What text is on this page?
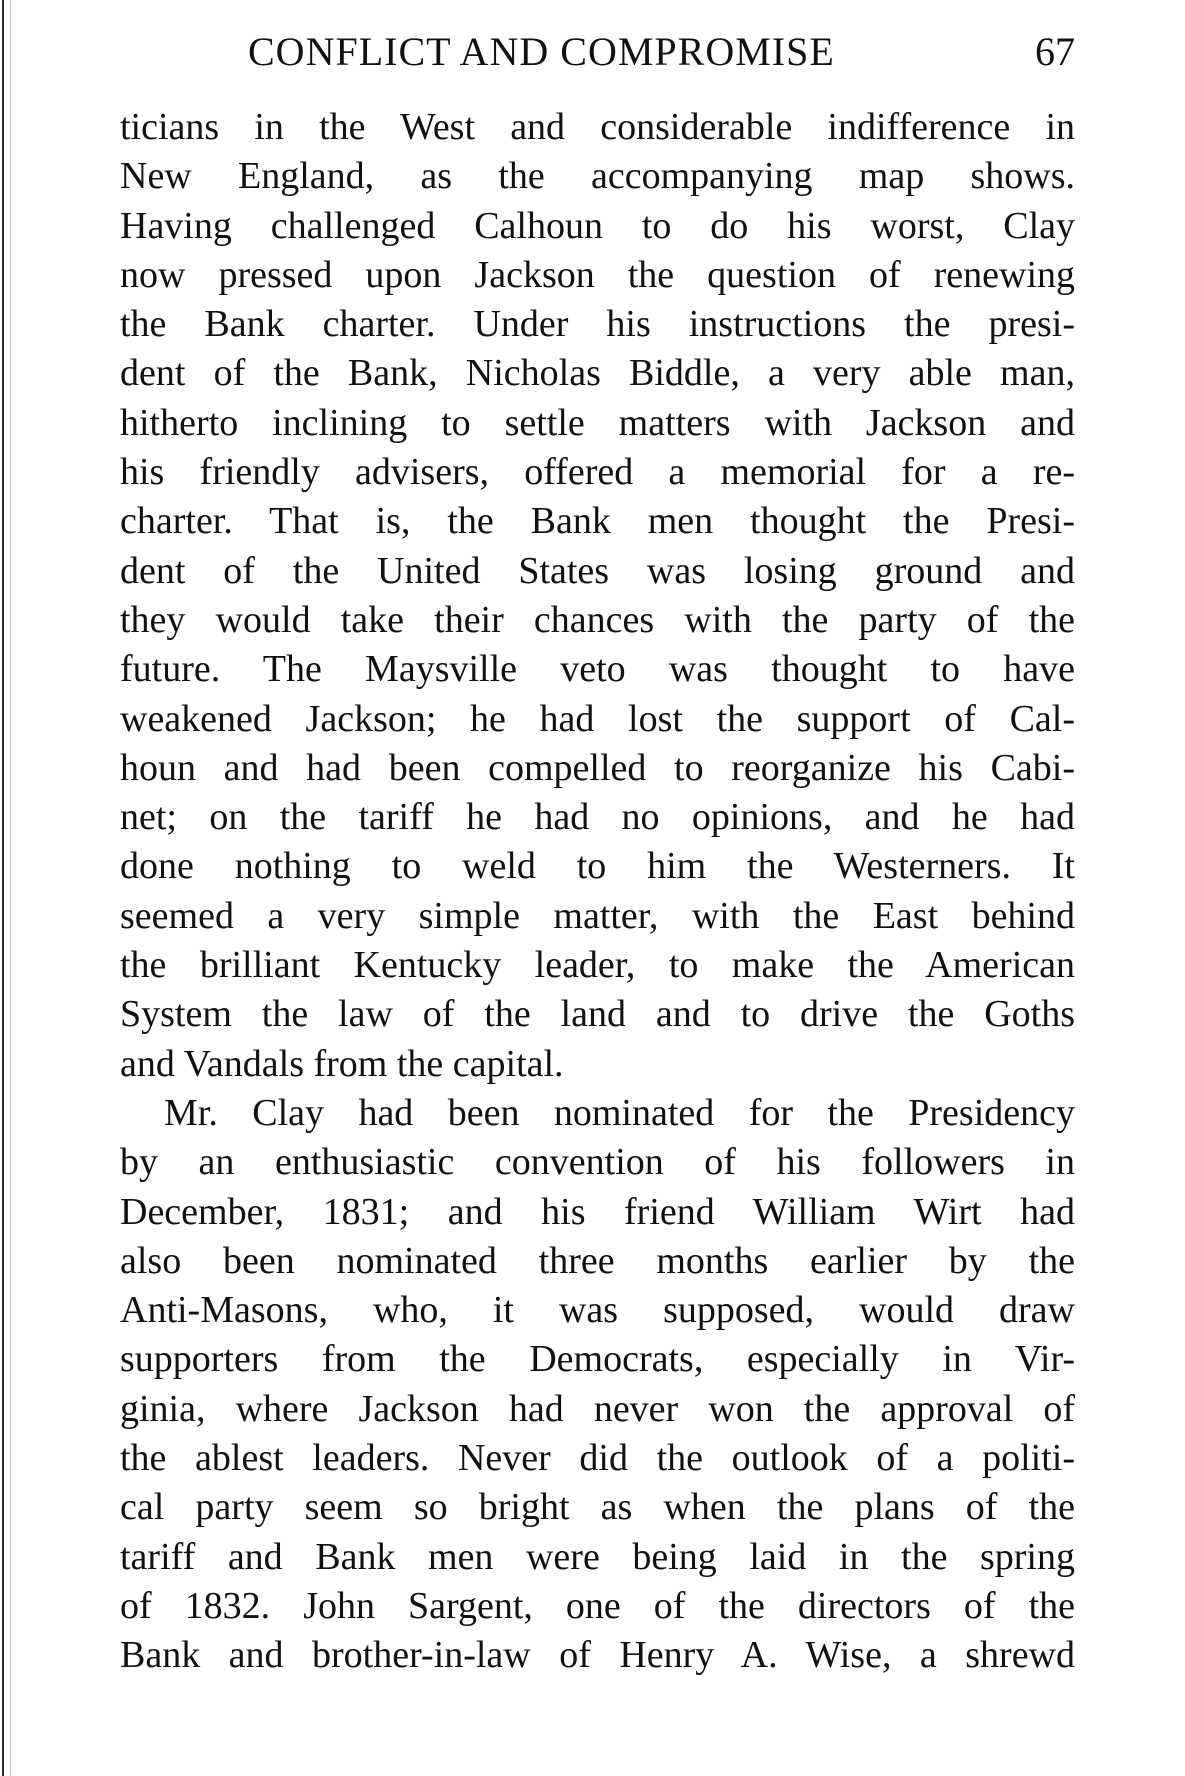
CONFLICT AND COMPROMISE	67
ticians in the West and considerable indifference in
New England, as the accompanying map shows.
Having challenged Calhoun to do his worst, Clay
now pressed upon Jackson the question of renewing
the Bank charter. Under his instructions the presi-
dent of the Bank, Nicholas Biddle, a very able man,
hitherto inclining to settle matters with Jackson and
his friendly advisers, offered a memorial for a re-
charter. That is, the Bank men thought the Presi-
dent of the United States was losing ground and
they would take their chances with the party of the
future. The Maysville veto was thought to have
weakened Jackson; he had lost the support of Cal-
houn and had been compelled to reorganize his Cabi-
net; on the tariff he had no opinions, and he had
done nothing to weld to him the Westerners. It
seemed a very simple matter, with the East behind
the brilliant Kentucky leader, to make the American
System the law of the land and to drive the Goths
and Vandals from the capital.
Mr. Clay had been nominated for the Presidency
by an enthusiastic convention of his followers in
December, 1831; and his friend William Wirt had
also been nominated three months earlier by the
Anti-Masons, who, it was supposed, would draw
supporters from the Democrats, especially in Vir-
ginia, where Jackson had never won the approval of
the ablest leaders. Never did the outlook of a politi-
cal party seem so bright as when the plans of the
tariff and Bank men were being laid in the spring
of 1832. John Sargent, one of the directors of the
Bank and brother-in-law of Henry A. Wise, a shrewd
